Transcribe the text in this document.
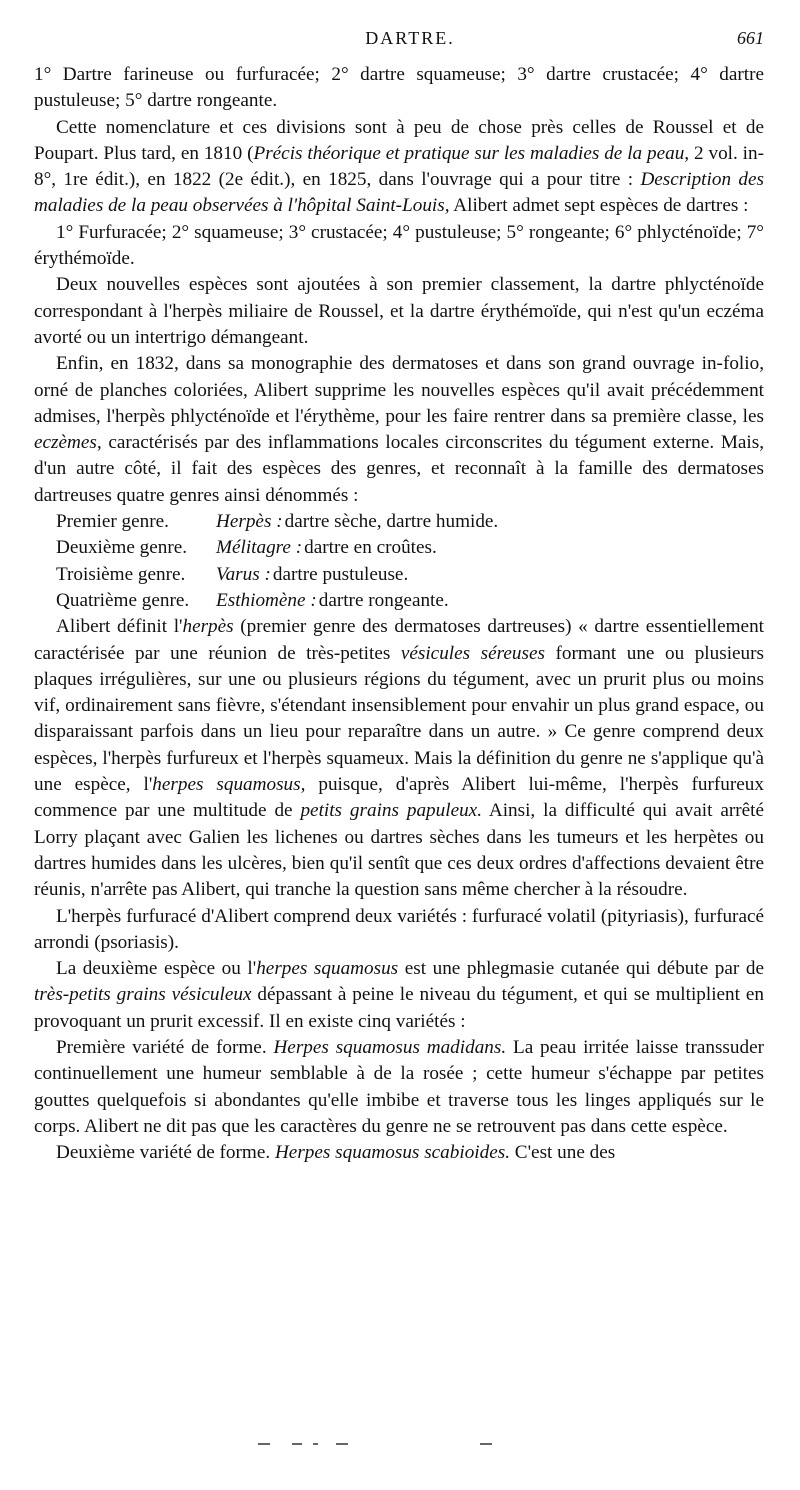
DARTRE.	661

1° Dartre farineuse ou furfuracée; 2° dartre squameuse; 3° dartre crustacée; 4° dartre pustuleuse; 5° dartre rongeante.

Cette nomenclature et ces divisions sont à peu de chose près celles de Roussel et de Poupart. Plus tard, en 1810 (Précis théorique et pratique sur les maladies de la peau, 2 vol. in-8°, 1re édit.), en 1822 (2e édit.), en 1825, dans l'ouvrage qui a pour titre : Description des maladies de la peau observées à l'hôpital Saint-Louis, Alibert admet sept espèces de dartres :

1° Furfuracée; 2° squameuse; 3° crustacée; 4° pustuleuse; 5° rongeante; 6° phlycténoïde; 7° érythémoïde.

Deux nouvelles espèces sont ajoutées à son premier classement, la dartre phlycténoïde correspondant à l'herpès miliaire de Roussel, et la dartre érythémoïde, qui n'est qu'un eczéma avorté ou un intertrigo démangeant.

Enfin, en 1832, dans sa monographie des dermatoses et dans son grand ouvrage in-folio, orné de planches coloriées, Alibert supprime les nouvelles espèces qu'il avait précédemment admises, l'herpès phlycténoïde et l'érythème, pour les faire rentrer dans sa première classe, les eczèmes, caractérisés par des inflammations locales circonscrites du tégument externe. Mais, d'un autre côté, il fait des espèces des genres, et reconnaît à la famille des dermatoses dartreuses quatre genres ainsi dénommés :

Premier genre.	Herpès : dartre sèche, dartre humide.
Deuxième genre.	Mélitagre : dartre en croûtes.
Troisième genre.	Varus : dartre pustuleuse.
Quatrième genre.	Esthiomène : dartre rongeante.

Alibert définit l'herpès (premier genre des dermatoses dartreuses) « dartre essentiellement caractérisée par une réunion de très-petites vésicules séreuses formant une ou plusieurs plaques irrégulières, sur une ou plusieurs régions du tégument, avec un prurit plus ou moins vif, ordinairement sans fièvre, s'étendant insensiblement pour envahir un plus grand espace, ou disparaissant parfois dans un lieu pour reparaître dans un autre. » Ce genre comprend deux espèces, l'herpès furfureux et l'herpès squameux. Mais la définition du genre ne s'applique qu'à une espèce, l'herpes squamosus, puisque, d'après Alibert lui-même, l'herpès furfureux commence par une multitude de petits grains papuleux. Ainsi, la difficulté qui avait arrêté Lorry plaçant avec Galien les lichenes ou dartres sèches dans les tumeurs et les herpètes ou dartres humides dans les ulcères, bien qu'il sentît que ces deux ordres d'affections devaient être réunis, n'arrête pas Alibert, qui tranche la question sans même chercher à la résoudre.

L'herpès furfuracé d'Alibert comprend deux variétés : furfuracé volatil (pityriasis), furfuracé arrondi (psoriasis).

La deuxième espèce ou l'herpes squamosus est une phlegmasie cutanée qui débute par de très-petits grains vésiculeux dépassant à peine le niveau du tégument, et qui se multiplient en provoquant un prurit excessif. Il en existe cinq variétés :

Première variété de forme. Herpes squamosus madidans. La peau irritée laisse transsuder continuellement une humeur semblable à de la rosée ; cette humeur s'échappe par petites gouttes quelquefois si abondantes qu'elle imbibe et traverse tous les linges appliqués sur le corps. Alibert ne dit pas que les caractères du genre ne se retrouvent pas dans cette espèce.

Deuxième variété de forme. Herpes squamosus scabioides. C'est une des
